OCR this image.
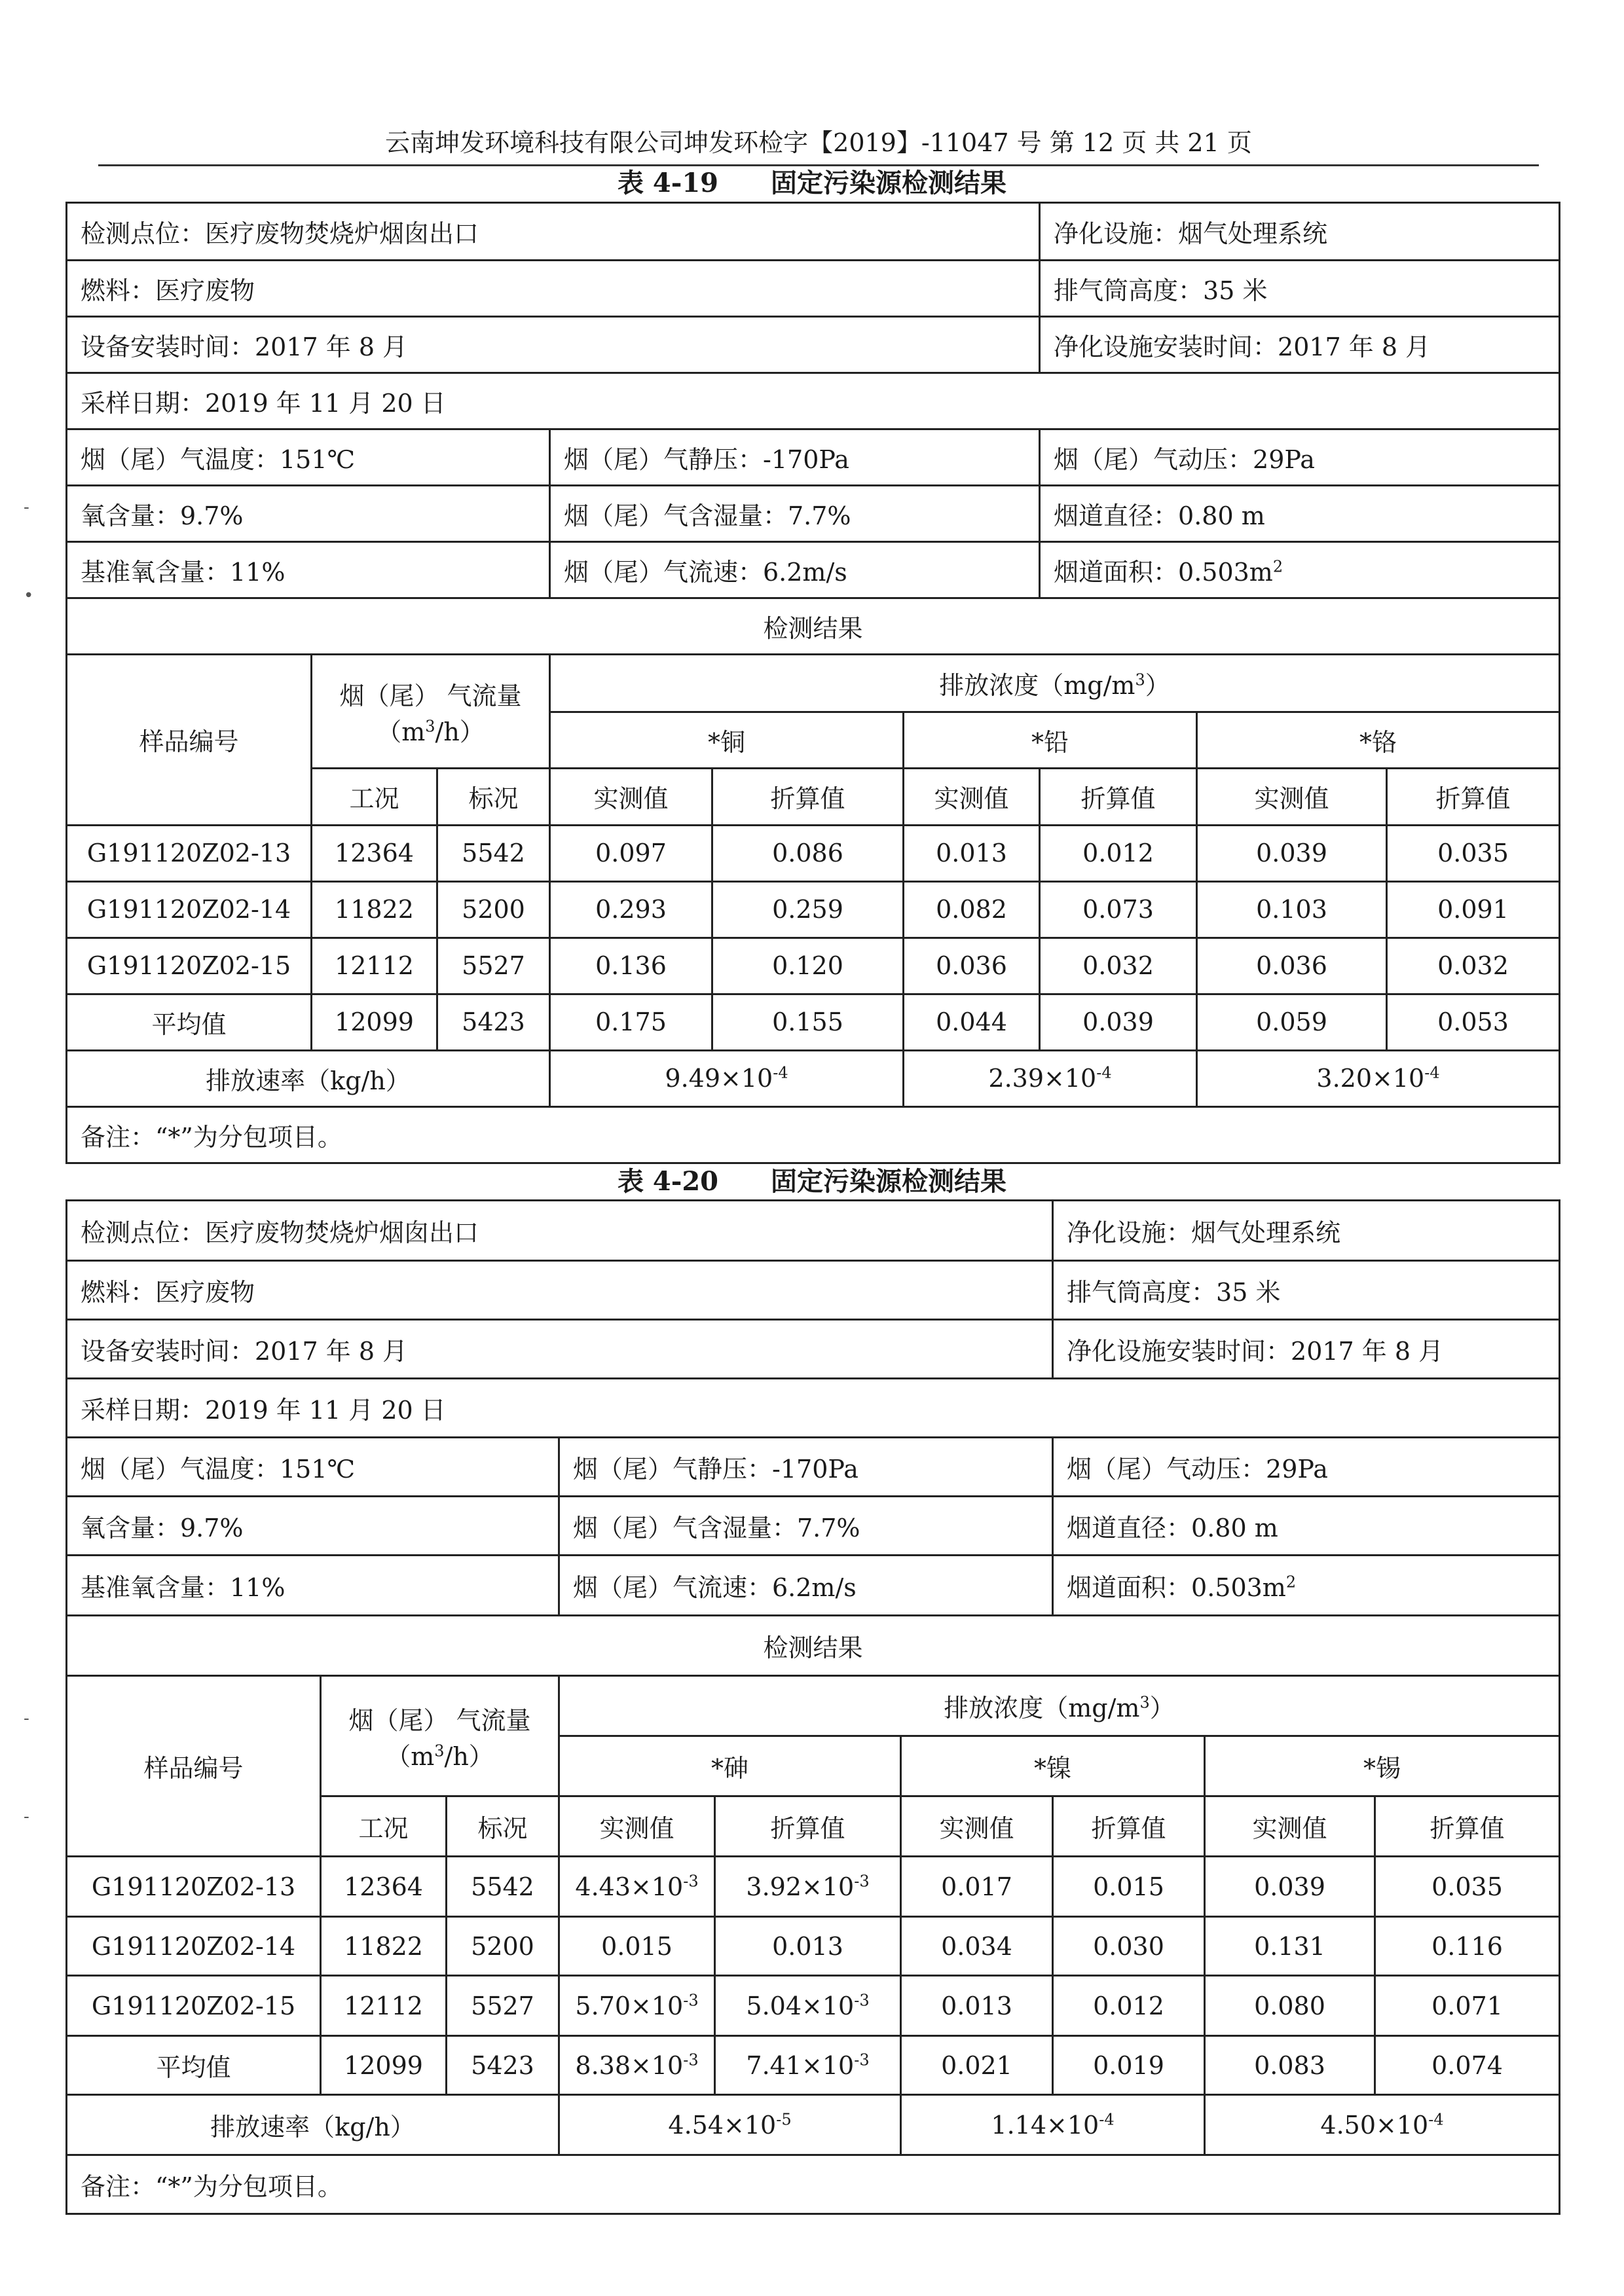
云南坤发环境科技有限公司坤发环检字【2019】-11047 号 第 12 页 共 21 页
-
•
-
-
表 4-19　　固定污染源检测结果
检测点位：医疗废物焚烧炉烟囱出口						净化设施：烟气处理系统		
燃料：医疗废物						排气筒高度：35 米		
设备安装时间：2017 年 8 月						净化设施安装时间：2017 年 8 月		
采样日期：2019 年 11 月 20 日								
烟（尾）气温度：151℃			烟（尾）气静压：-170Pa			烟（尾）气动压：29Pa		
氧含量：9.7%			烟（尾）气含湿量：7.7%			烟道直径：0.80 m		
基准氧含量：11%			烟（尾）气流速：6.2m/s			烟道面积：$0.503m^2$
检测结果								
样品编号	烟（尾） 气流量
$(m^3/h)$		排放浓度$(mg/m^3)$					
			*铜		*铅		*铬	
	工况	标况	实测值	折算值	实测值	折算值	实测值	折算值
G191120Z02-13	12364	5542	0.097	0.086	0.013	0.012	0.039	0.035
G191120Z02-14	11822	5200	0.293	0.259	0.082	0.073	0.103	0.091
G191120Z02-15	12112	5527	0.136	0.120	0.036	0.032	0.036	0.032
平均值	12099	5423	0.175	0.155	0.044	0.039	0.059	0.053
排放速率（kg/h）			$9.49\times 10^{-4}$		$2.39\times 10^{-4}$		$3.20\times 10^{-4}$
备注：“*”为分包项目。								
表 4-20　　固定污染源检测结果
检测点位：医疗废物焚烧炉烟囱出口						净化设施：烟气处理系统		
燃料：医疗废物						排气筒高度：35 米		
设备安装时间：2017 年 8 月						净化设施安装时间：2017 年 8 月		
采样日期：2019 年 11 月 20 日								
烟（尾）气温度：151℃			烟（尾）气静压：-170Pa			烟（尾）气动压：29Pa		
氧含量：9.7%			烟（尾）气含湿量：7.7%			烟道直径：0.80 m		
基准氧含量：11%			烟（尾）气流速：6.2m/s			烟道面积：$0.503m^2$
检测结果								
样品编号	烟（尾） 气流量
$(m^3/h)$		排放浓度$(mg/m^3)$					
			*砷		*镍		*锡	
	工况	标况	实测值	折算值	实测值	折算值	实测值	折算值
G191120Z02-13	12364	5542	$4.43\times 10^{-3}$	$3.92\times 10^{-3}$	0.017	0.015	0.039	0.035
G191120Z02-14	11822	5200	0.015	0.013	0.034	0.030	0.131	0.116
G191120Z02-15	12112	5527	$5.70\times 10^{-3}$	$5.04\times 10^{-3}$	0.013	0.012	0.080	0.071
平均值	12099	5423	$8.38\times 10^{-3}$	$7.41\times 10^{-3}$	0.021	0.019	0.083	0.074
排放速率（kg/h）			$4.54\times 10^{-5}$		$1.14\times 10^{-4}$		$4.50\times 10^{-4}$
备注：“*”为分包项目。								
